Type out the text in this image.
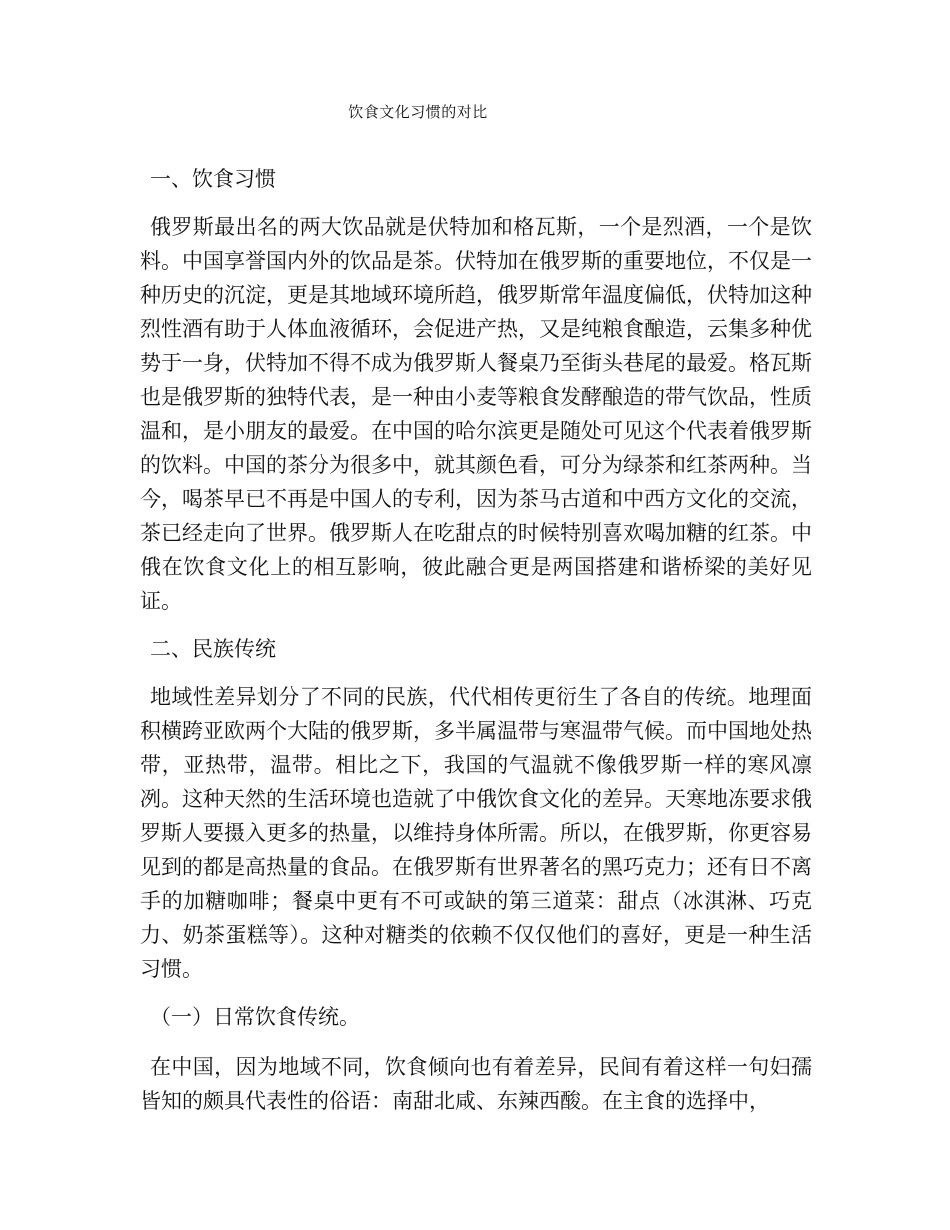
饮食文化习惯的对比
一、饮食习惯

俄罗斯最出名的两大饮品就是伏特加和格瓦斯，一个是烈酒，一个是饮料。中国享誉国内外的饮品是茶。伏特加在俄罗斯的重要地位，不仅是一种历史的沉淀，更是其地域环境所趋，俄罗斯常年温度偏低，伏特加这种烈性酒有助于人体血液循环，会促进产热，又是纯粮食酿造，云集多种优势于一身，伏特加不得不成为俄罗斯人餐桌乃至街头巷尾的最爱。格瓦斯也是俄罗斯的独特代表，是一种由小麦等粮食发酵酿造的带气饮品，性质温和，是小朋友的最爱。在中国的哈尔滨更是随处可见这个代表着俄罗斯的饮料。中国的茶分为很多中，就其颜色看，可分为绿茶和红茶两种。当今，喝茶早已不再是中国人的专利，因为茶马古道和中西方文化的交流，茶已经走向了世界。俄罗斯人在吃甜点的时候特别喜欢喝加糖的红茶。中俄在饮食文化上的相互影响，彼此融合更是两国搭建和谐桥梁的美好见证。

二、民族传统

地域性差异划分了不同的民族，代代相传更衍生了各自的传统。地理面积横跨亚欧两个大陆的俄罗斯，多半属温带与寒温带气候。而中国地处热带，亚热带，温带。相比之下，我国的气温就不像俄罗斯一样的寒风凛冽。这种天然的生活环境也造就了中俄饮食文化的差异。天寒地冻要求俄罗斯人要摄入更多的热量，以维持身体所需。所以，在俄罗斯，你更容易见到的都是高热量的食品。在俄罗斯有世界著名的黑巧克力；还有日不离手的加糖咖啡；餐桌中更有不可或缺的第三道菜：甜点（冰淇淋、巧克力、奶茶蛋糕等）。这种对糖类的依赖不仅仅他们的喜好，更是一种生活习惯。

（一）日常饮食传统。

在中国，因为地域不同，饮食倾向也有着差异，民间有着这样一句妇孺皆知的颇具代表性的俗语：南甜北咸、东辣西酸。在主食的选择中，
